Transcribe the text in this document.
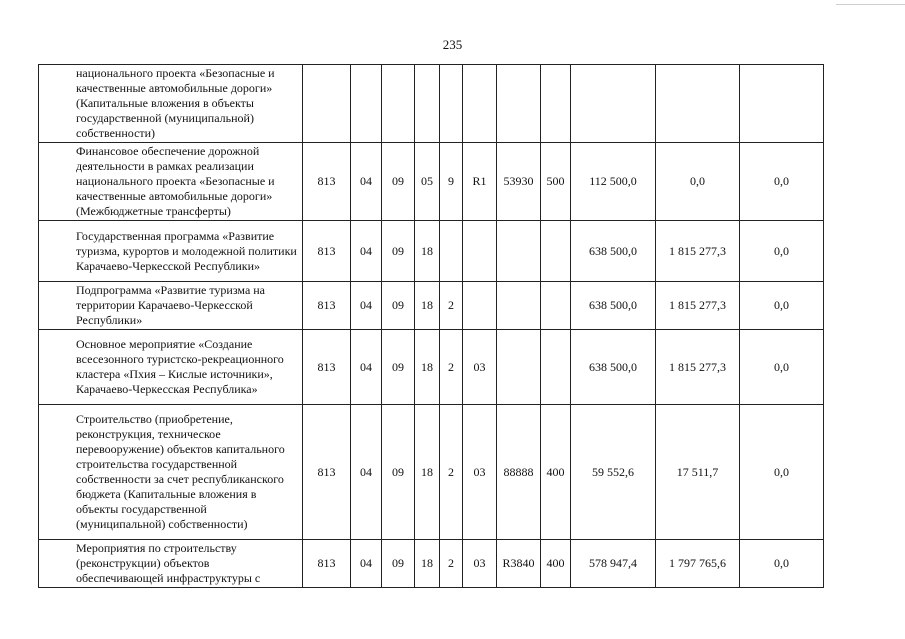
235
национального проекта «Безопасные и качественные автомобильные дороги» (Капитальные вложения в объекты государственной (муниципальной) собственности)											
Финансовое обеспечение дорожной деятельности в рамках реализации национального проекта «Безопасные и качественные автомобильные дороги» (Межбюджетные трансферты)	813	04	09	05	9	R1	53930	500	112 500,0	0,0	0,0
Государственная программа «Развитие туризма, курортов и молодежной политики Карачаево-Черкесской Республики»	813	04	09	18					638 500,0	1 815 277,3	0,0
Подпрограмма «Развитие туризма на территории Карачаево-Черкесской Республики»	813	04	09	18	2				638 500,0	1 815 277,3	0,0
Основное мероприятие «Создание всесезонного туристско-рекреационного кластера «Пхия – Кислые источники», Карачаево-Черкесская Республика»	813	04	09	18	2	03			638 500,0	1 815 277,3	0,0
Строительство (приобретение, реконструкция, техническое перевооружение) объектов капитального строительства государственной собственности за счет республиканского бюджета (Капитальные вложения в объекты государственной (муниципальной) собственности)	813	04	09	18	2	03	88888	400	59 552,6	17 511,7	0,0
Мероприятия по строительству (реконструкции) объектов обеспечивающей инфраструктуры с	813	04	09	18	2	03	R3840	400	578 947,4	1 797 765,6	0,0
